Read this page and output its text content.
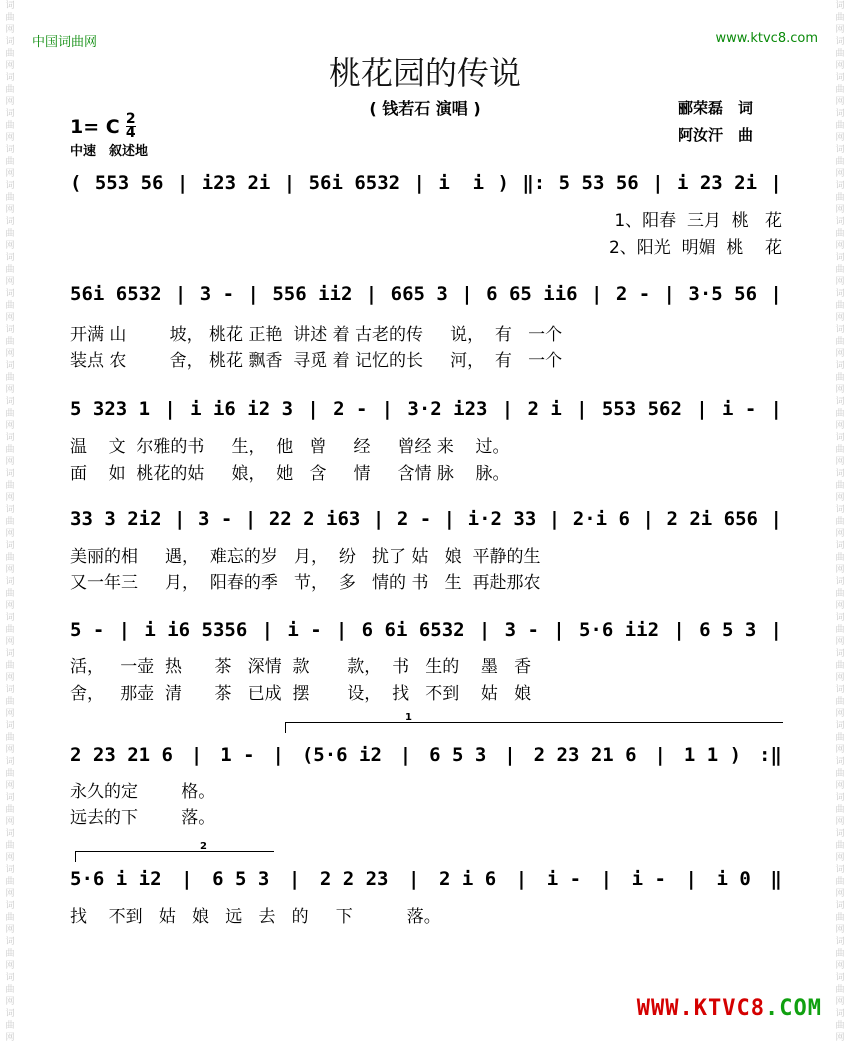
词
曲
网
词
曲
网
词
曲
网
词
曲
网
词
曲
网
词
曲
网
词
曲
网
词
曲
网
词
曲
网
词
曲
网
词
曲
网
词
曲
网
词
曲
网
词
曲
网
词
曲
网
词
曲
网
词
曲
网
词
曲
网
词
曲
网
词
曲
网
词
曲
网
词
曲
网
词
曲
网
词
曲
网
词
曲
网
词
曲
网
词
曲
网
词
曲
网
词
曲
网
词
曲
网
词
曲
网
词
曲
网
词
曲
网
词
曲
网
词
曲
网
词
曲
网
词
曲
网
词
曲
网
词
曲
网
词
曲
网
词
曲
网
词
曲
网
词
曲
网
词
曲
网
词
曲
网
词
曲
网
词
曲
网
词
曲
网
词
曲
网
词
曲
网
词
曲
网
词
曲
网
词
曲
网
词
曲
网
词
曲
网
词
曲
网
词
曲
网
词
曲
网
中国词曲网	www.ktvc8.com
桃花园的传说
( 钱若石 演唱 )
1= C $\frac{2}{4}$
中速　叙述地
郦荣磊　词
阿汝汗　曲
( 553 56 | i23 2i | 56i 6532 | i  i ) ‖: 5 53 56 | i 23 2i |
1、阳春  三月  桃   花
2、阳光  明媚  桃    花
56i 6532 | 3 - | 556 ii2 | 665 3 | 6 65 ii6 | 2 - | 3·5 56 |
开满 山        坡， 桃花 正艳  讲述 着 古老的传     说，  有   一个
装点 农        舍， 桃花 飘香  寻觅 着 记忆的长     河，  有   一个
5 323 1 | i i6 i2 3 | 2 - | 3·2 i23 | 2 i | 553 562 | i - |
温    文  尔雅的书     生，  他   曾     经     曾经 来    过。
面    如  桃花的姑     娘，  她   含     情     含情 脉    脉。
33 3 2i2 | 3 - | 22 2 i63 | 2 - | i·2 33 | 2·i 6 | 2 2i 656 |
美丽的相     遇，  难忘的岁   月，  纷   扰了 姑   娘  平静的生
又一年三     月，  阳春的季   节，  多   情的 书   生  再赴那农
5 - | i i6 5356 | i - | 6 6i 6532 | 3 - | 5·6 ii2 | 6 5 3 |
活，   一壶  热      茶   深情  款       款，  书   生的    墨   香
舍，   那壶  清      茶   已成  摆       设，  找   不到    姑   娘
1
2 23 21 6 | 1 - | (5·6 i2 | 6 5 3 | 2 23 21 6 | 1 1 ) :‖
永久的定        格。
远去的下        落。
2
5·6 i i2 | 6 5 3 | 2 2 23 | 2 i 6 | i - | i - | i 0 ‖
找    不到   姑   娘   远   去   的     下          落。
WWW.KTVC8.COM
